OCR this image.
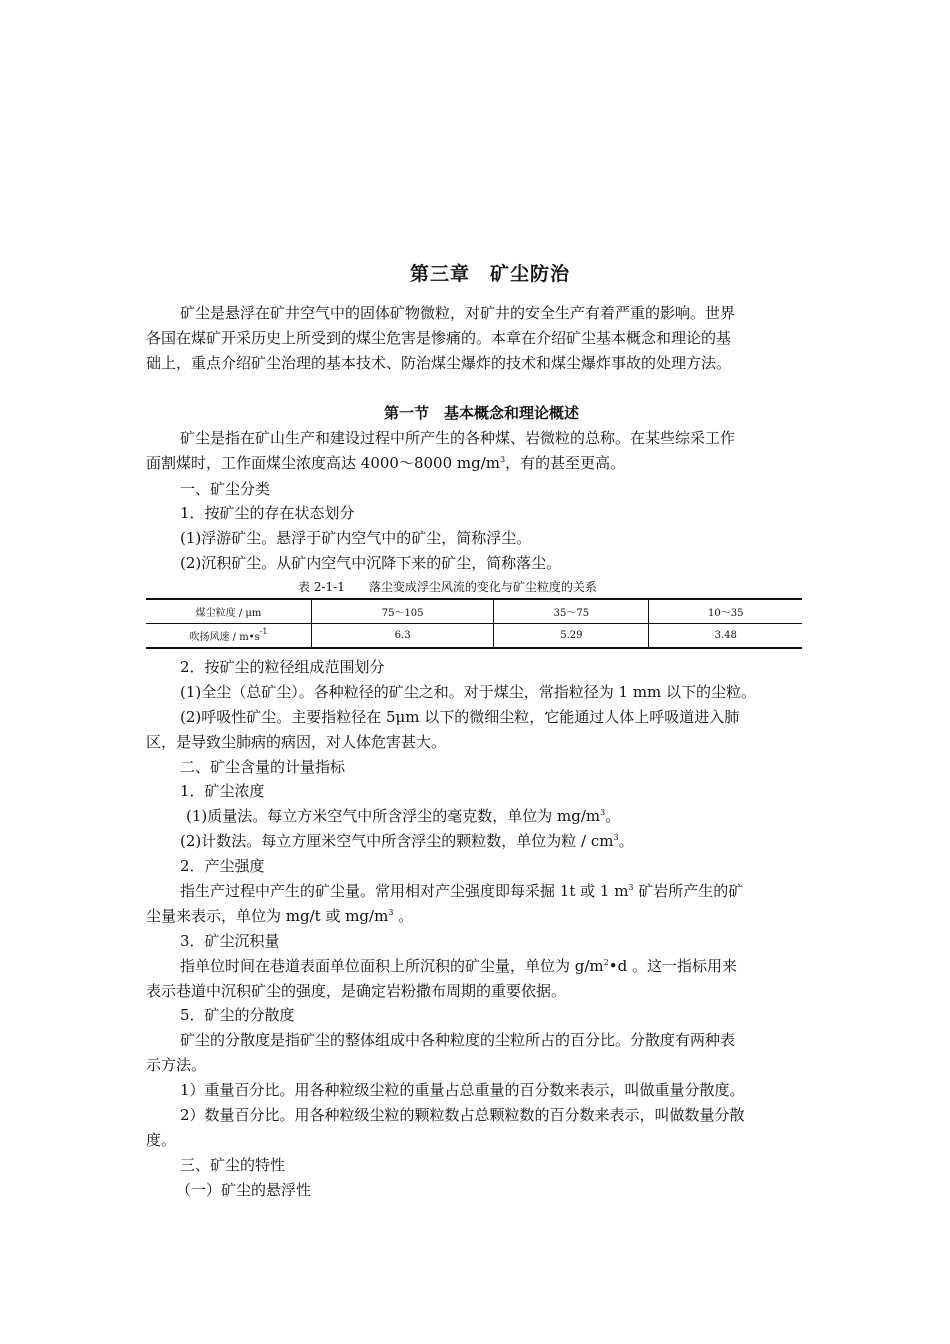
第三章　矿尘防治
矿尘是悬浮在矿井空气中的固体矿物微粒，对矿井的安全生产有着严重的影响。世界
各国在煤矿开采历史上所受到的煤尘危害是惨痛的。本章在介绍矿尘基本概念和理论的基
础上，重点介绍矿尘治理的基本技术、防治煤尘爆炸的技术和煤尘爆炸事故的处理方法。
第一节　基本概念和理论概述
矿尘是指在矿山生产和建设过程中所产生的各种煤、岩微粒的总称。在某些综采工作
面割煤时，工作面煤尘浓度高达 4000～8000 $mg/m^3$，有的甚至更高。
一、矿尘分类
1．按矿尘的存在状态划分
(1)浮游矿尘。悬浮于矿内空气中的矿尘，简称浮尘。
(2)沉积矿尘。从矿内空气中沉降下来的矿尘，简称落尘。
表 2-1-1　　落尘变成浮尘风流的变化与矿尘粒度的关系
煤尘粒度 / μm	75～105	35～75	10～35
吹扬风速 / $m•s^{-1}$	6.3	5.29	3.48
2．按矿尘的粒径组成范围划分
(1)全尘（总矿尘）。各种粒径的矿尘之和。对于煤尘，常指粒径为 1 mm 以下的尘粒。
(2)呼吸性矿尘。主要指粒径在 5μm 以下的微细尘粒，它能通过人体上呼吸道进入肺
区，是导致尘肺病的病因，对人体危害甚大。
二、矿尘含量的计量指标
1．矿尘浓度
(1)质量法。每立方米空气中所含浮尘的毫克数，单位为 $mg/m^3$。
(2)计数法。每立方厘米空气中所含浮尘的颗粒数，单位为粒 / $cm^3$。
2．产尘强度
指生产过程中产生的矿尘量。常用相对产尘强度即每采掘 1t 或 1 $m^3$ 矿岩所产生的矿
尘量来表示，单位为 mg/t 或 $mg/m^3$ 。
3．矿尘沉积量
指单位时间在巷道表面单位面积上所沉积的矿尘量，单位为 $g/m^2•d$ 。这一指标用来
表示巷道中沉积矿尘的强度，是确定岩粉撒布周期的重要依据。
5．矿尘的分散度
矿尘的分散度是指矿尘的整体组成中各种粒度的尘粒所占的百分比。分散度有两种表
示方法。
1）重量百分比。用各种粒级尘粒的重量占总重量的百分数来表示，叫做重量分散度。
2）数量百分比。用各种粒级尘粒的颗粒数占总颗粒数的百分数来表示，叫做数量分散
度。
三、矿尘的特性
（一）矿尘的悬浮性
